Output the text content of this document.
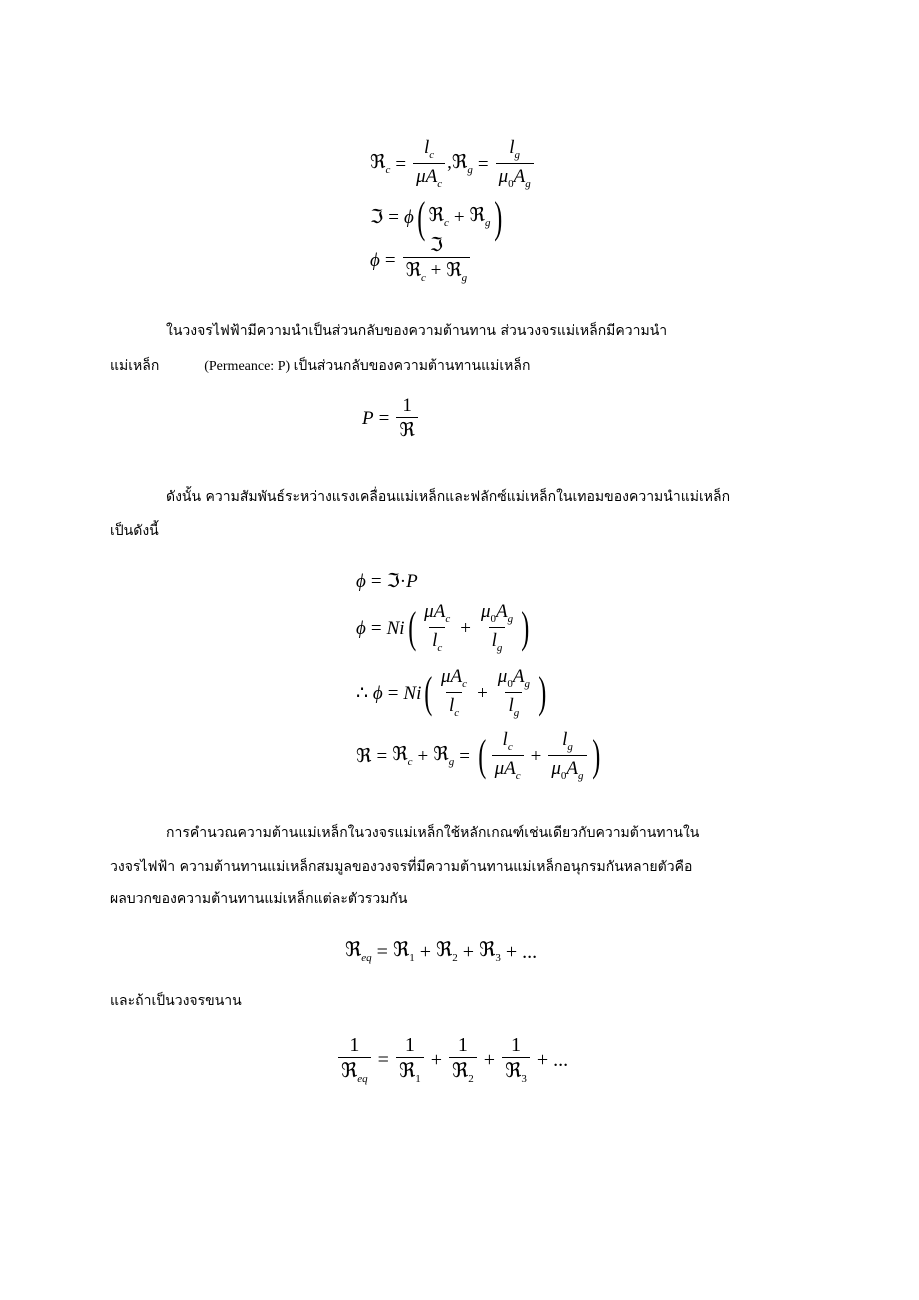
ℜ$_c$ = $\frac{l_c}{\mu A_c}$ ,ℜ$_g$ = $\frac{l_g}{\mu_0A_g}$
ℑ = ϕ ( ℜ$_c$ + ℜ$_g$ )
$\phi = \frac{\text{ℑ}}{ℜ_c + ℜ_g}$
ในวงจรไฟฟ้ามีความนำเป็นส่วนกลับของความต้านทาน ส่วนวงจรแม่เหล็กมีความนำ
แม่เหล็ก	(Permeance: P) เป็นส่วนกลับของความต้านทานแม่เหล็ก
$P = \frac{1}{\text{ℜ}}$
ดังนั้น ความสัมพันธ์ระหว่างแรงเคลื่อนแม่เหล็กและฟลักซ์แม่เหล็กในเทอมของความนำแม่เหล็ก
เป็นดังนี้
ϕ = ℑ·P
ϕ = Ni ( $\frac{\mu A_c}{l_c} + \frac{\mu_0A_g}{l_g}$ )
∴ ϕ = Ni ( $\frac{\mu A_c}{l_c} + \frac{\mu_0A_g}{l_g}$ )
ℜ = ℜ$_c$ + ℜ$_g$ = ( $\frac{l_c}{\mu A_c} + \frac{l_g}{\mu_0A_g}$ )
การคำนวณความต้านแม่เหล็กในวงจรแม่เหล็กใช้หลักเกณฑ์เช่นเดียวกับความต้านทานใน
วงจรไฟฟ้า ความต้านทานแม่เหล็กสมมูลของวงจรที่มีความต้านทานแม่เหล็กอนุกรมกันหลายตัวคือ
ผลบวกของความต้านทานแม่เหล็กแต่ละตัวรวมกัน
ℜ$_{eq}$ = ℜ$_1$ + ℜ$_2$ + ℜ$_3$ + ...
และถ้าเป็นวงจรขนาน
$\frac{1}{ℜ_{eq}} = \frac{1}{ℜ_1} + \frac{1}{ℜ_2} + \frac{1}{ℜ_3}$ + ...
